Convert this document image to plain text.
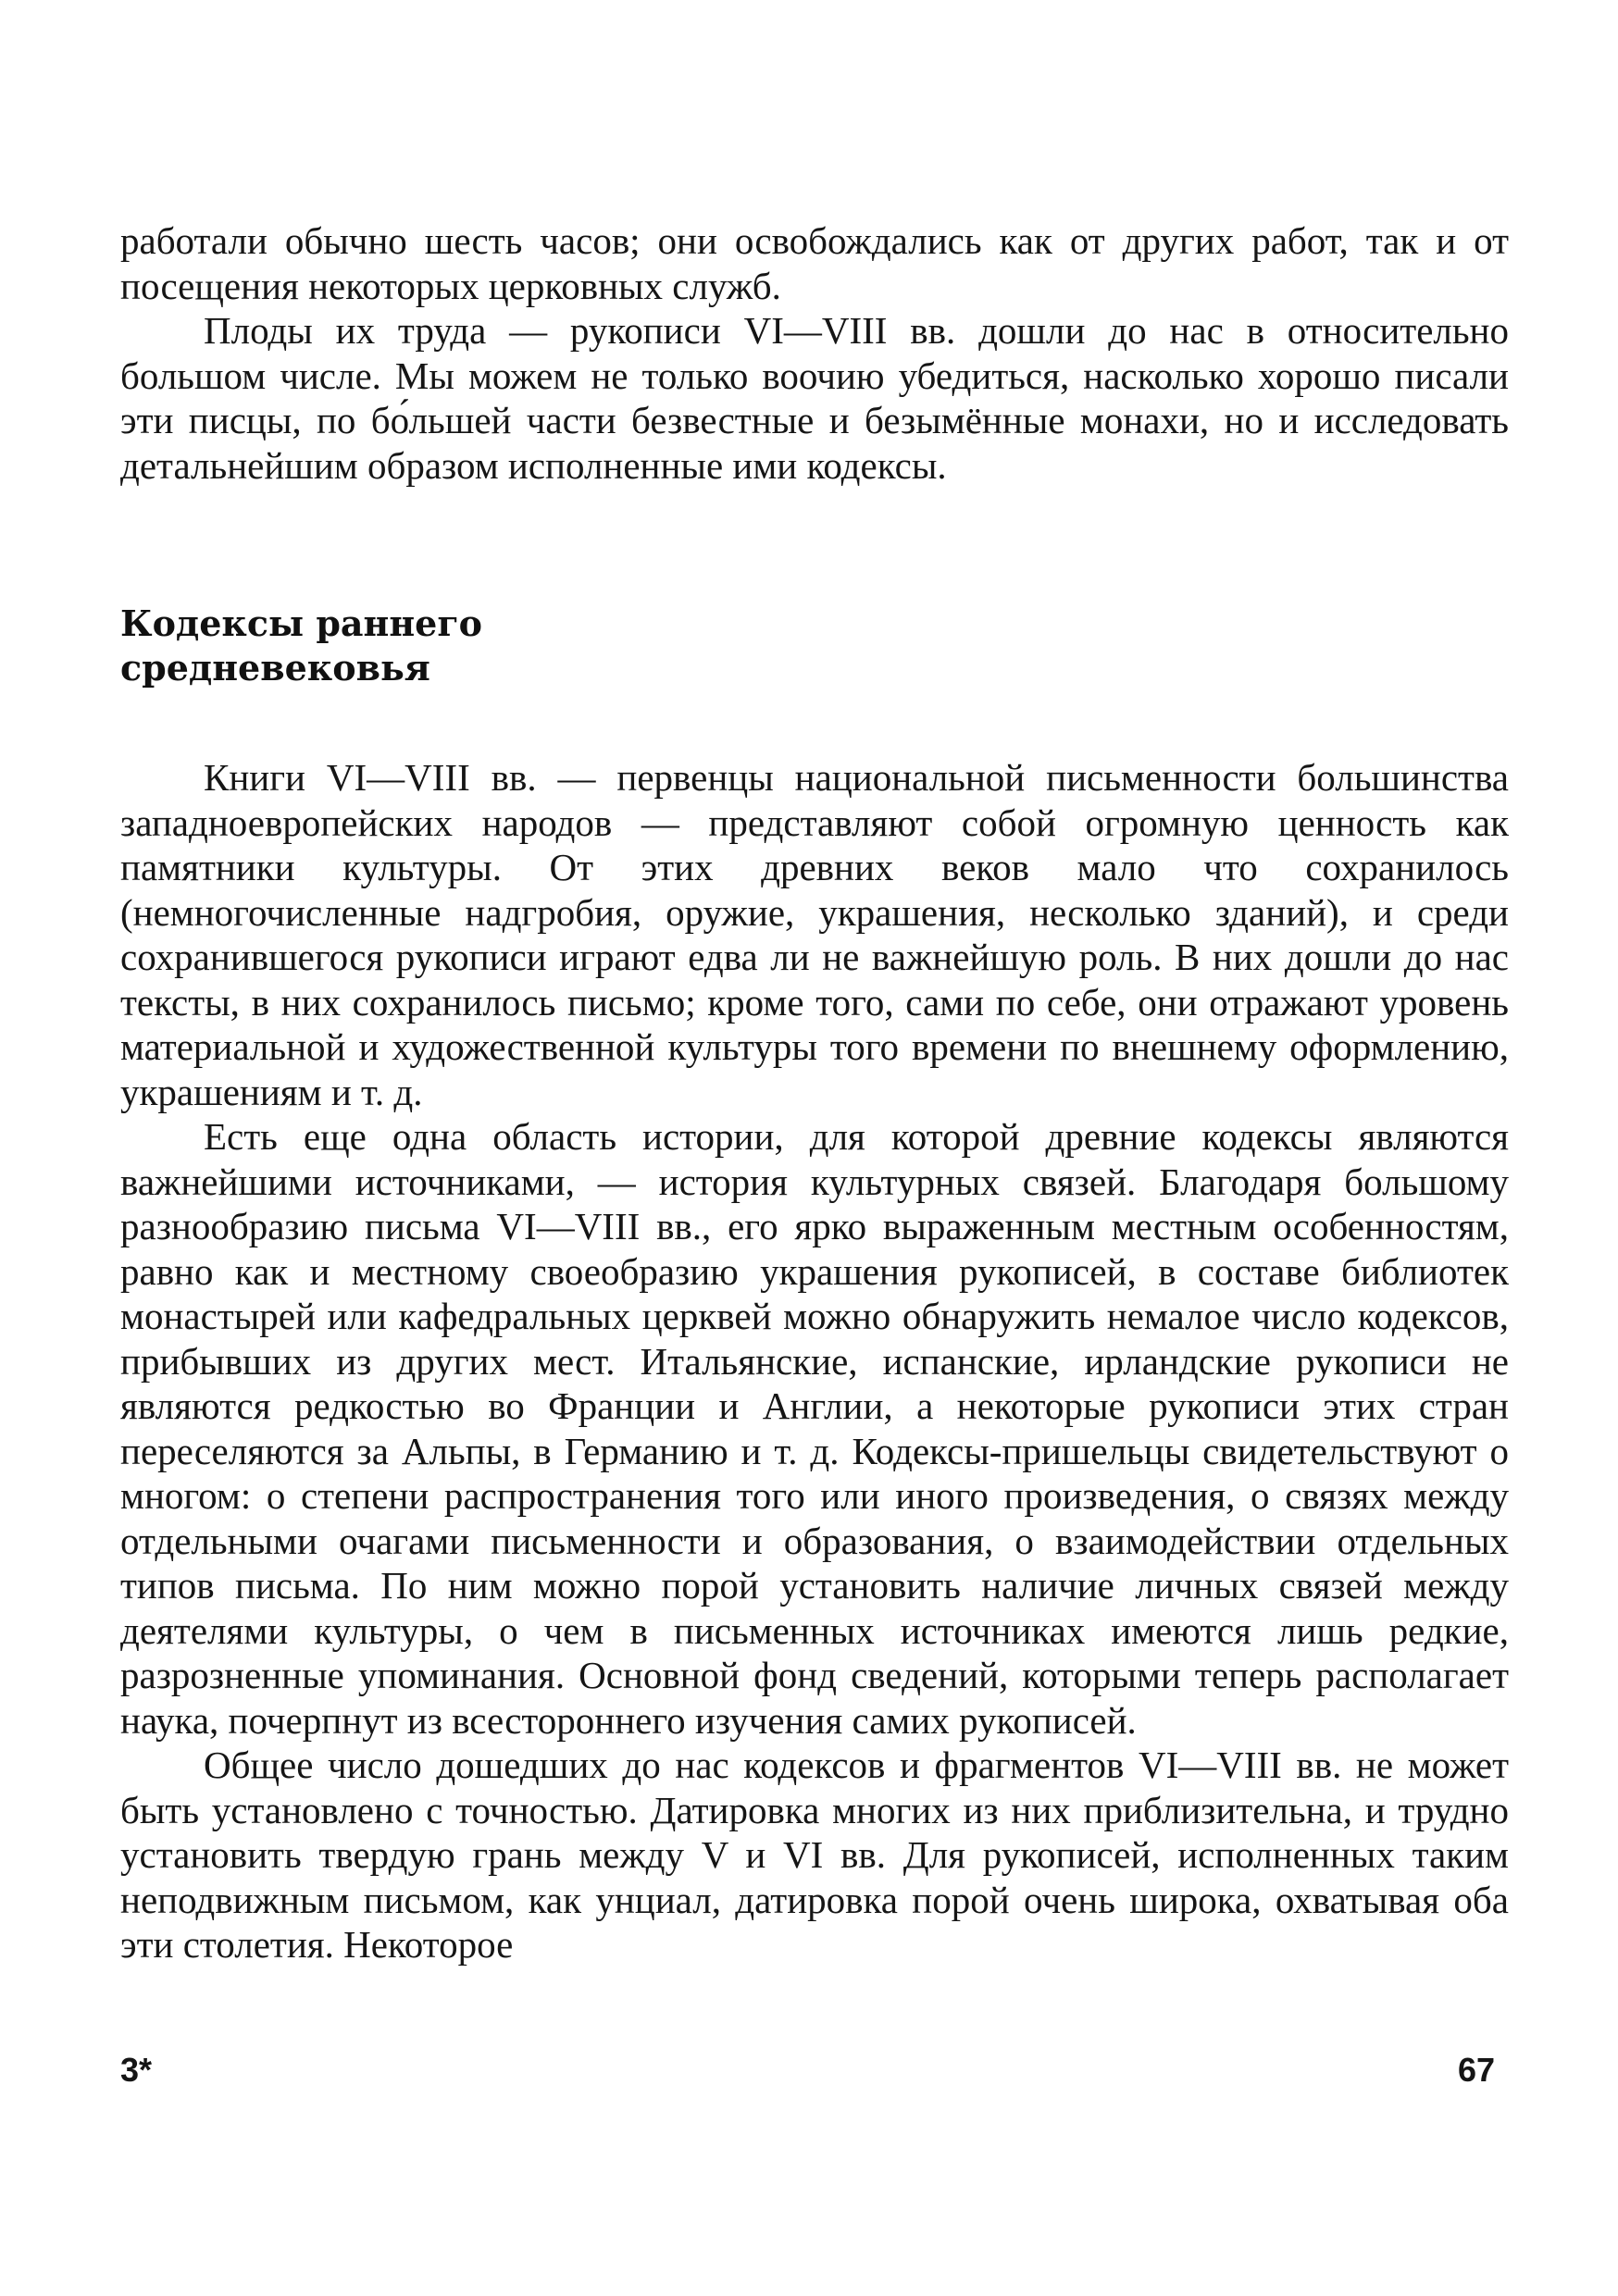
работали обычно шесть часов; они освобождались как от других работ, так и от посещения некоторых церковных служб.

Плоды их труда — рукописи VI—VIII вв. дошли до нас в относительно большом числе. Мы можем не только воочию убедиться, насколько хорошо писали эти писцы, по бо́льшей части безвестные и безымённые монахи, но и исследовать детальнейшим образом исполненные ими кодексы.

Кодексы раннего
средневековья

Книги VI—VIII вв. — первенцы национальной письменности большинства западноевропейских народов — представляют собой огромную ценность как памятники культуры. От этих древних веков мало что сохранилось (немногочисленные надгробия, оружие, украшения, несколько зданий), и среди сохранившегося рукописи играют едва ли не важнейшую роль. В них дошли до нас тексты, в них сохранилось письмо; кроме того, сами по себе, они отражают уровень материальной и художественной культуры того времени по внешнему оформлению, украшениям и т. д.

Есть еще одна область истории, для которой древние кодексы являются важнейшими источниками, — история культурных связей. Благодаря большому разнообразию письма VI—VIII вв., его ярко выраженным местным особенностям, равно как и местному своеобразию украшения рукописей, в составе библиотек монастырей или кафедральных церквей можно обнаружить немалое число кодексов, прибывших из других мест. Итальянские, испанские, ирландские рукописи не являются редкостью во Франции и Англии, а некоторые рукописи этих стран переселяются за Альпы, в Германию и т. д. Кодексы-пришельцы свидетельствуют о многом: о степени распространения того или иного произведения, о связях между отдельными очагами письменности и образования, о взаимодействии отдельных типов письма. По ним можно порой установить наличие личных связей между деятелями культуры, о чем в письменных источниках имеются лишь редкие, разрозненные упоминания. Основной фонд сведений, которыми теперь располагает наука, почерпнут из всестороннего изучения самих рукописей.

Общее число дошедших до нас кодексов и фрагментов VI—VIII вв. не может быть установлено с точностью. Датировка многих из них приблизительна, и трудно установить твердую грань между V и VI вв. Для рукописей, исполненных таким неподвижным письмом, как унциал, датировка порой очень широка, охватывая оба эти столетия. Некоторое

3*	67
